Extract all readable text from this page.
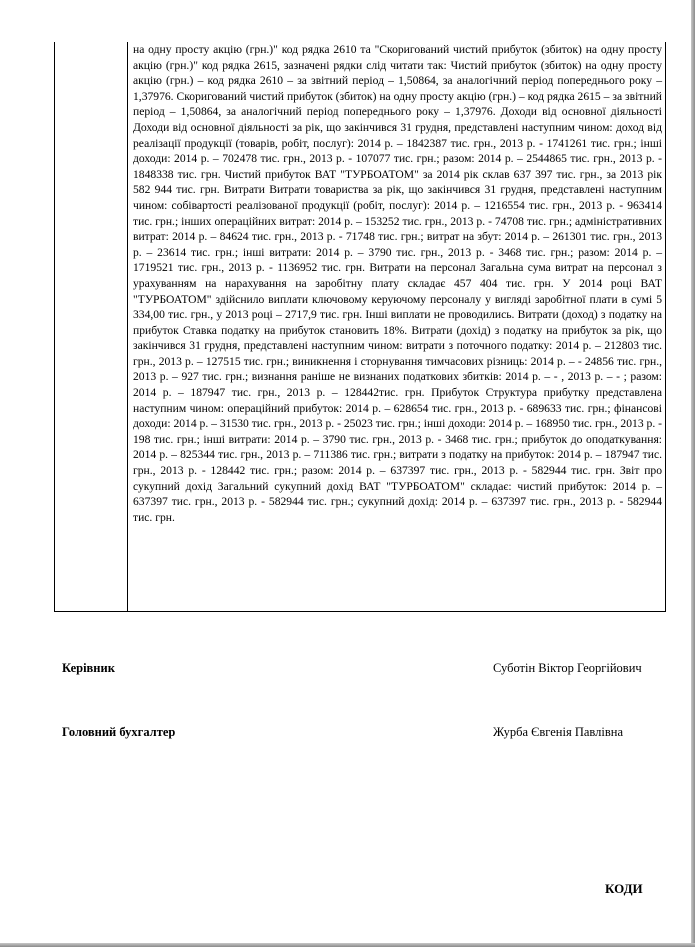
на одну просту акцію (грн.)" код рядка 2610 та "Скоригований чистий прибуток (збиток) на одну просту акцію (грн.)" код рядка 2615, зазначені рядки слід читати так: Чистий прибуток (збиток) на одну просту акцію (грн.) – код рядка 2610 – за звітний період – 1,50864, за аналогічний період попереднього року – 1,37976. Скоригований чистий прибуток (збиток) на одну просту акцію (грн.) – код рядка 2615 – за звітний період – 1,50864, за аналогічний період попереднього року – 1,37976. Доходи від основної діяльності Доходи від основної діяльності за рік, що закінчився 31 грудня, представлені наступним чином: доход від реалізації продукції (товарів, робіт, послуг): 2014 р. – 1842387 тис. грн., 2013 р. - 1741261 тис. грн.; інші доходи: 2014 р. – 702478 тис. грн., 2013 р. - 107077 тис. грн.; разом: 2014 р. – 2544865 тис. грн., 2013 р. - 1848338 тис. грн. Чистий прибуток ВАТ "ТУРБОАТОМ" за 2014 рік склав 637 397 тис. грн., за 2013 рік 582 944 тис. грн. Витрати Витрати товариства за рік, що закінчився 31 грудня, представлені наступним чином: собівартості реалізованої продукції (робіт, послуг): 2014 р. – 1216554 тис. грн., 2013 р. - 963414 тис. грн.; інших операційних витрат: 2014 р. – 153252 тис. грн., 2013 р. - 74708 тис. грн.; адміністративних витрат: 2014 р. – 84624 тис. грн., 2013 р. - 71748 тис. грн.; витрат на збут: 2014 р. – 261301 тис. грн., 2013 р. – 23614 тис. грн.; інші витрати: 2014 р. – 3790 тис. грн., 2013 р. - 3468 тис. грн.; разом: 2014 р. – 1719521 тис. грн., 2013 р. - 1136952 тис. грн. Витрати на персонал Загальна сума витрат на персонал з урахуванням на нарахування на заробітну плату складає 457 404 тис. грн. У 2014 році ВАТ "ТУРБОАТОМ" здійснило виплати ключовому керуючому персоналу у вигляді заробітної плати в сумі 5 334,00 тис. грн., у 2013 році – 2717,9 тис. грн. Інші виплати не проводились. Витрати (доход) з податку на прибуток Ставка податку на прибуток становить 18%. Витрати (дохід) з податку на прибуток за рік, що закінчився 31 грудня, представлені наступним чином: витрати з поточного податку: 2014 р. – 212803 тис. грн., 2013 р. – 127515 тис. грн.; виникнення і сторнування тимчасових різниць: 2014 р. – - 24856 тис. грн., 2013 р. – 927 тис. грн.; визнання раніше не визнаних податкових збитків: 2014 р. – - , 2013 р. – - ; разом: 2014 р. – 187947 тис. грн., 2013 р. – 128442тис. грн. Прибуток Структура прибутку представлена наступним чином: операційний прибуток: 2014 р. – 628654 тис. грн., 2013 р. - 689633 тис. грн.; фінансові доходи: 2014 р. – 31530 тис. грн., 2013 р. - 25023 тис. грн.; інші доходи: 2014 р. – 168950 тис. грн., 2013 р. - 198 тис. грн.; інші витрати: 2014 р. – 3790 тис. грн., 2013 р. - 3468 тис. грн.; прибуток до оподаткування: 2014 р. – 825344 тис. грн., 2013 р. – 711386 тис. грн.; витрати з податку на прибуток: 2014 р. – 187947 тис. грн., 2013 р. - 128442 тис. грн.; разом: 2014 р. – 637397 тис. грн., 2013 р. - 582944 тис. грн. Звіт про сукупний дохід Загальний сукупний дохід ВАТ "ТУРБОАТОМ" складає: чистий прибуток: 2014 р. – 637397 тис. грн., 2013 р. - 582944 тис. грн.; сукупний дохід: 2014 р. – 637397 тис. грн., 2013 р. - 582944 тис. грн.

Керівник	Суботін Віктор Георгійович
Головний бухгалтер	Журба Євгенія Павлівна
КОДИ
